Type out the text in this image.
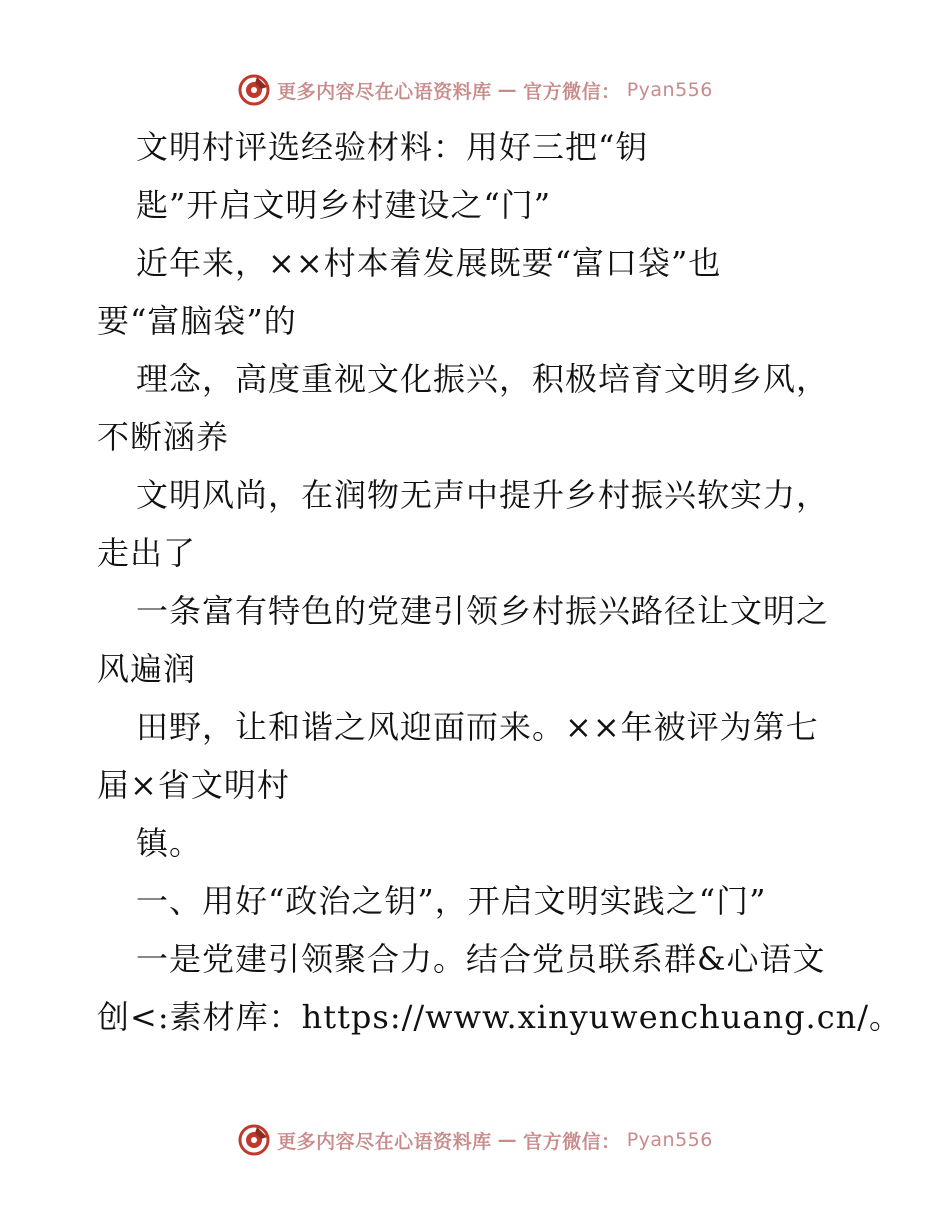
更多内容尽在心语资料库 — 官方微信： Pyan556
文明村评选经验材料：用好三把“钥
匙”开启文明乡村建设之“门”
近年来，××村本着发展既要“富口袋”也
要“富脑袋”的
理念，高度重视文化振兴，积极培育文明乡风，
不断涵养
文明风尚，在润物无声中提升乡村振兴软实力，
走出了
一条富有特色的党建引领乡村振兴路径让文明之
风遍润
田野，让和谐之风迎面而来。××年被评为第七
届×省文明村
镇。
一、用好“政治之钥”，开启文明实践之“门”
一是党建引领聚合力。结合党员联系群&心语文
创<:素材库：https://www.xinyuwenchuang.cn/。
更多内容尽在心语资料库 — 官方微信： Pyan556
